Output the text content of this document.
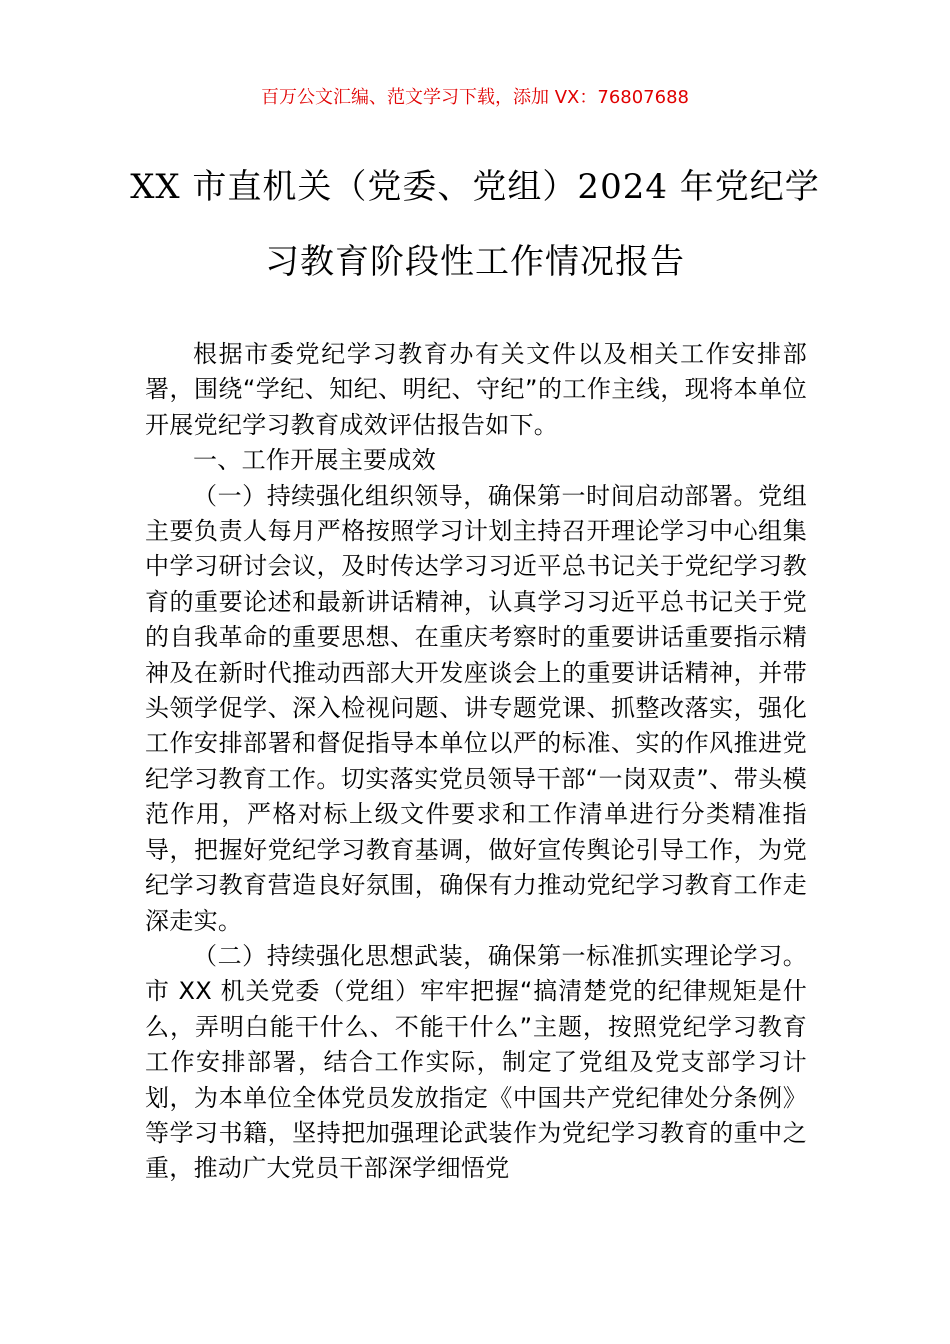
百万公文汇编、范文学习下载，添加 VX：76807688
XX 市直机关（党委、党组）2024 年党纪学
习教育阶段性工作情况报告

根据市委党纪学习教育办有关文件以及相关工作安排部署，围绕“学纪、知纪、明纪、守纪”的工作主线，现将本单位开展党纪学习教育成效评估报告如下。

一、工作开展主要成效

（一）持续强化组织领导，确保第一时间启动部署。党组主要负责人每月严格按照学习计划主持召开理论学习中心组集中学习研讨会议，及时传达学习习近平总书记关于党纪学习教育的重要论述和最新讲话精神，认真学习习近平总书记关于党的自我革命的重要思想、在重庆考察时的重要讲话重要指示精神及在新时代推动西部大开发座谈会上的重要讲话精神，并带头领学促学、深入检视问题、讲专题党课、抓整改落实，强化工作安排部署和督促指导本单位以严的标准、实的作风推进党纪学习教育工作。切实落实党员领导干部“一岗双责”、带头模范作用，严格对标上级文件要求和工作清单进行分类精准指导，把握好党纪学习教育基调，做好宣传舆论引导工作，为党纪学习教育营造良好氛围，确保有力推动党纪学习教育工作走深走实。

（二）持续强化思想武装，确保第一标准抓实理论学习。市 XX 机关党委（党组）牢牢把握“搞清楚党的纪律规矩是什么，弄明白能干什么、不能干什么”主题，按照党纪学习教育工作安排部署，结合工作实际，制定了党组及党支部学习计划，为本单位全体党员发放指定《中国共产党纪律处分条例》等学习书籍，坚持把加强理论武装作为党纪学习教育的重中之重，推动广大党员干部深学细悟党
